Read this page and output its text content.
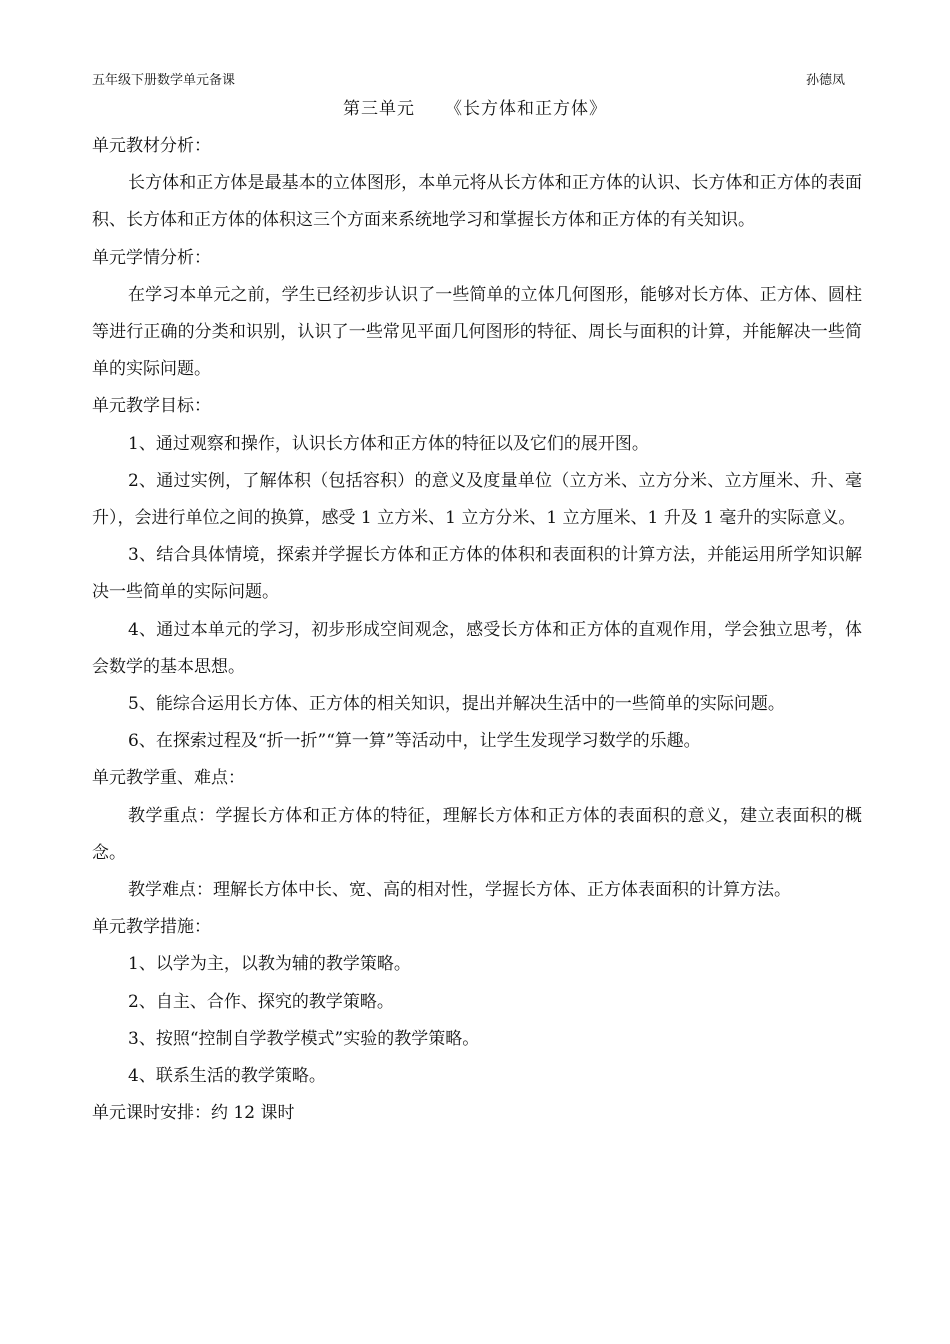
五年级下册数学单元备课	孙德凤
第三单元 《长方体和正方体》

单元教材分析：

长方体和正方体是最基本的立体图形，本单元将从长方体和正方体的认识、长方体和正方体的表面积、长方体和正方体的体积这三个方面来系统地学习和掌握长方体和正方体的有关知识。

单元学情分析：

在学习本单元之前，学生已经初步认识了一些简单的立体几何图形，能够对长方体、正方体、圆柱等进行正确的分类和识别，认识了一些常见平面几何图形的特征、周长与面积的计算，并能解决一些简单的实际问题。

单元教学目标：

1、通过观察和操作，认识长方体和正方体的特征以及它们的展开图。

2、通过实例，了解体积（包括容积）的意义及度量单位（立方米、立方分米、立方厘米、升、毫升），会进行单位之间的换算，感受 1 立方米、1 立方分米、1 立方厘米、1 升及 1 毫升的实际意义。

3、结合具体情境，探索并学握长方体和正方体的体积和表面积的计算方法，并能运用所学知识解决一些简单的实际问题。

4、通过本单元的学习，初步形成空间观念，感受长方体和正方体的直观作用，学会独立思考，体会数学的基本思想。

5、能综合运用长方体、正方体的相关知识，提出并解决生活中的一些简单的实际问题。

6、在探索过程及“折一折”“算一算”等活动中，让学生发现学习数学的乐趣。

单元教学重、难点：

教学重点：学握长方体和正方体的特征，理解长方体和正方体的表面积的意义，建立表面积的概念。

教学难点：理解长方体中长、宽、高的相对性，学握长方体、正方体表面积的计算方法。

单元教学措施：

1、以学为主，以教为辅的教学策略。

2、自主、合作、探究的教学策略。

3、按照“控制自学教学模式”实验的教学策略。

4、联系生活的教学策略。

单元课时安排：约 12 课时
